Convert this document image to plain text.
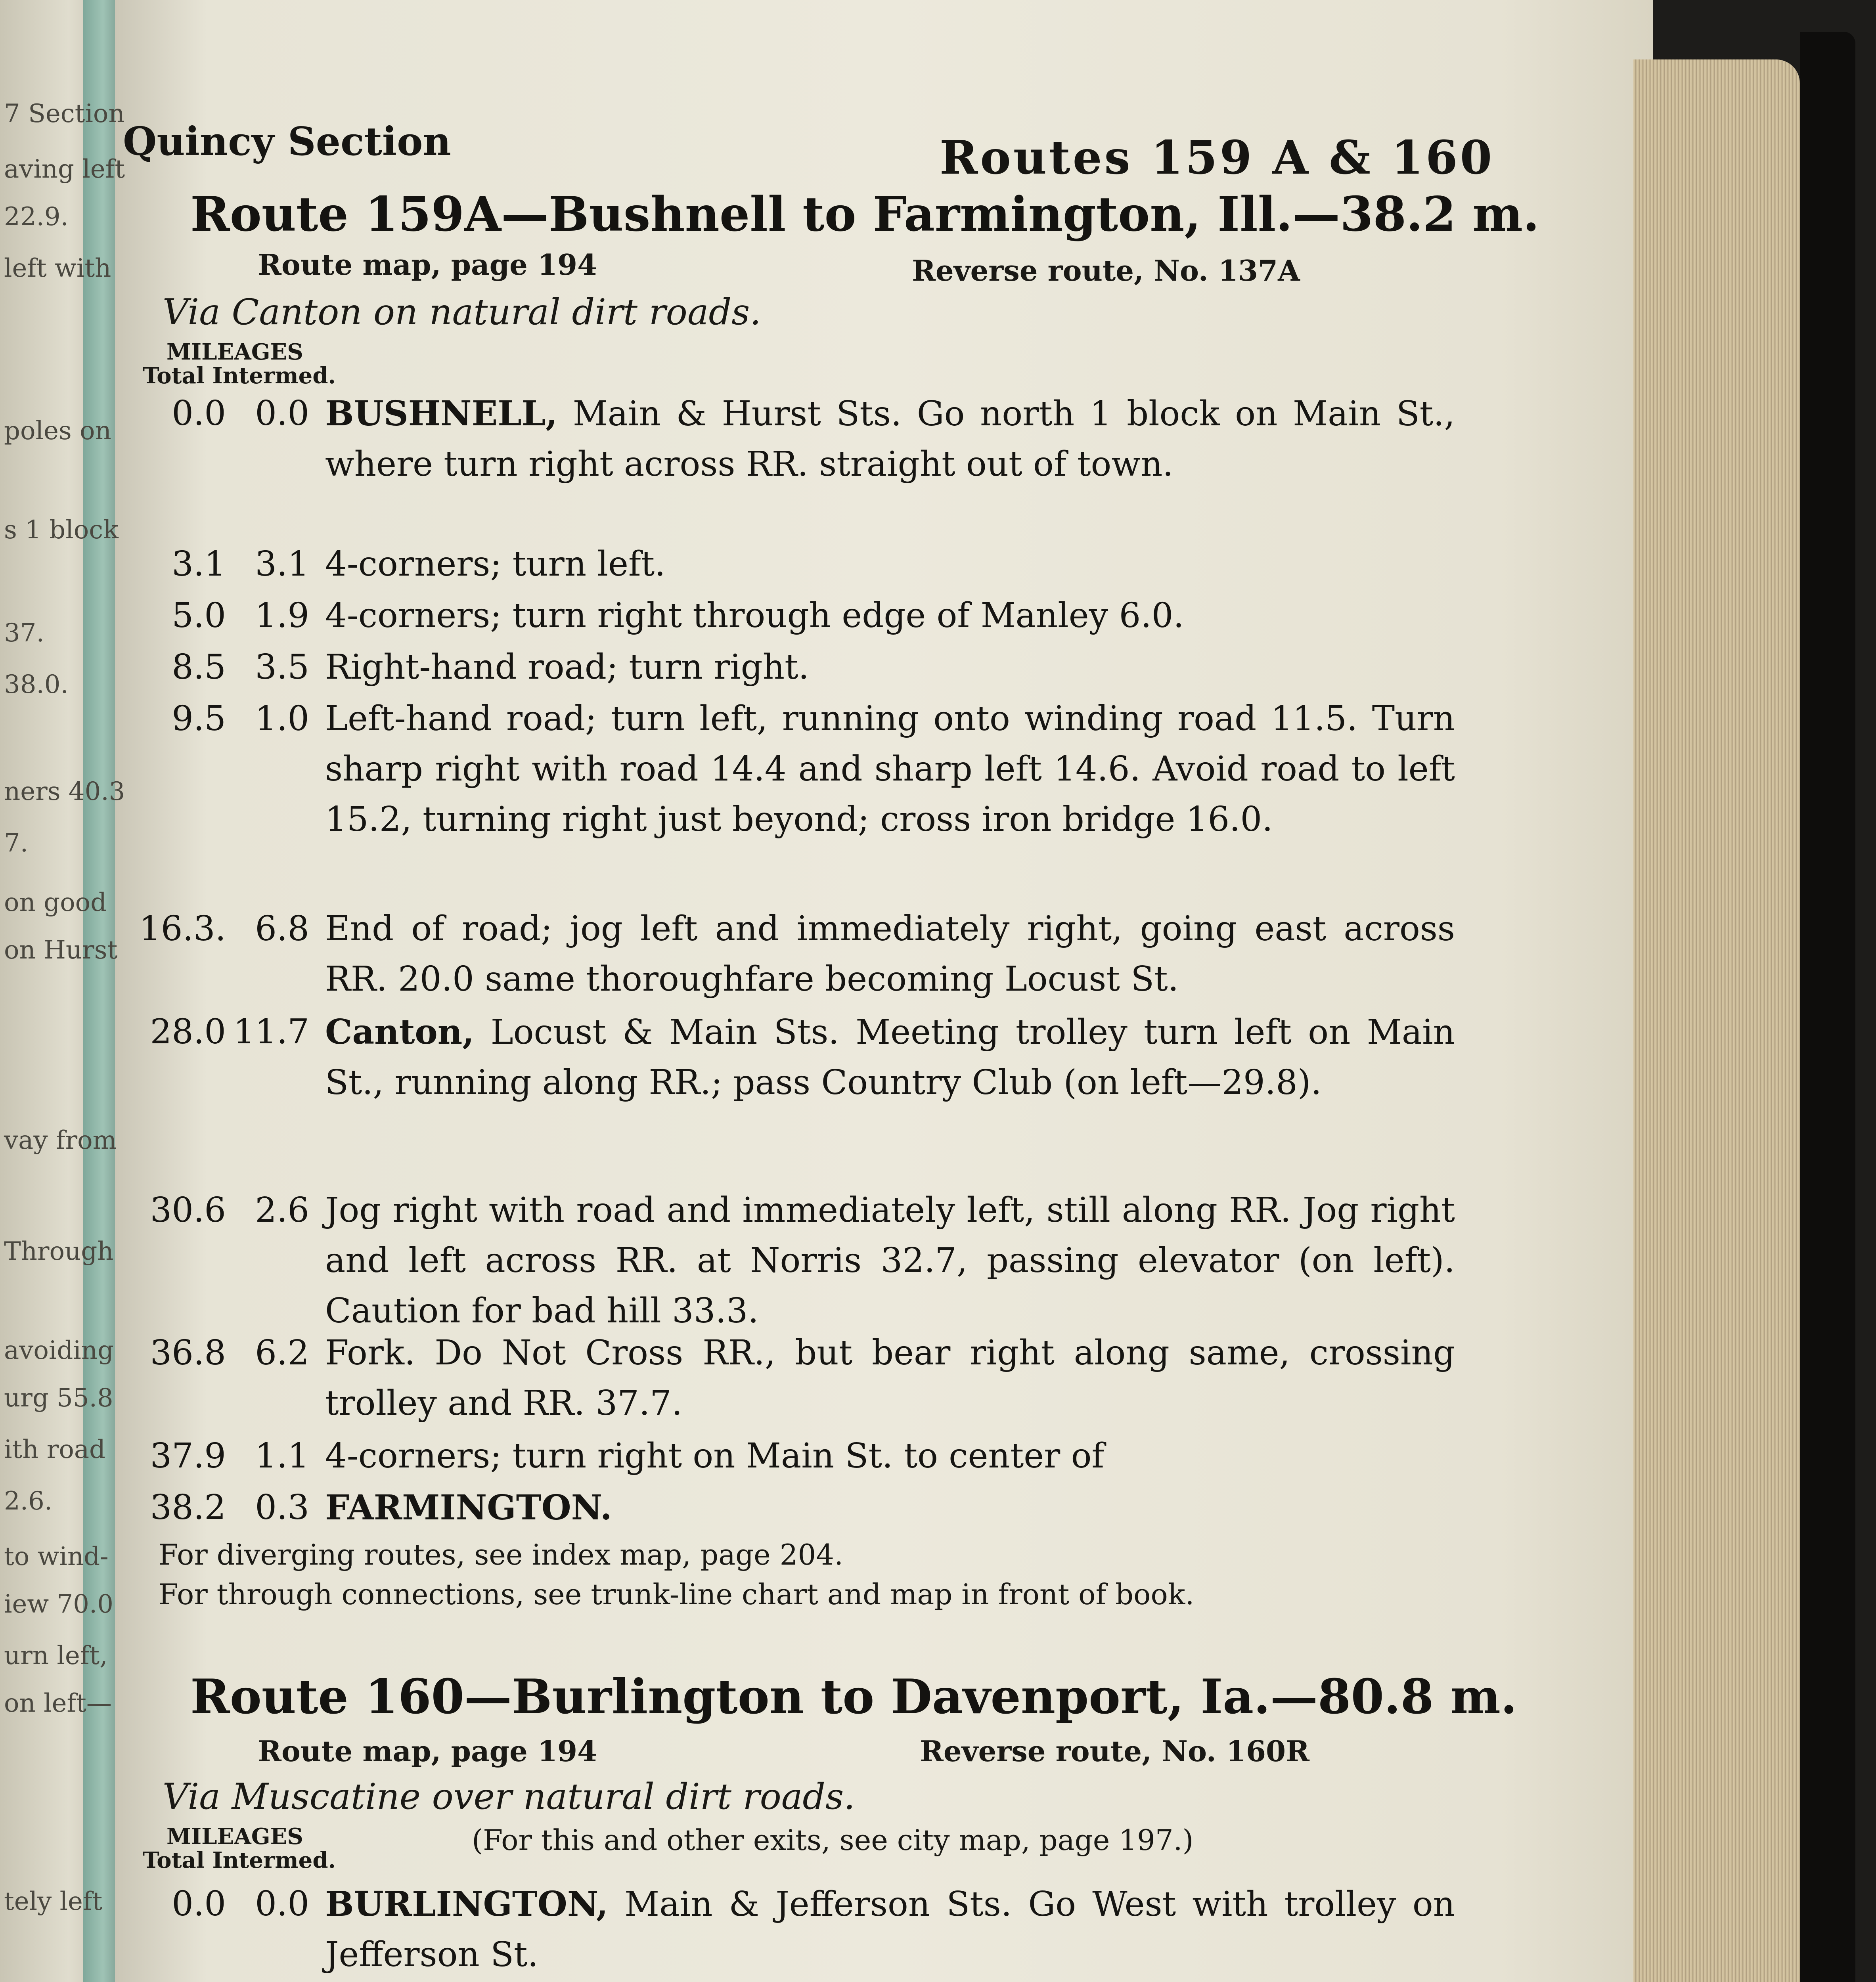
7 Section
aving left
22.9.
left with
poles on
s 1 block
37.
38.0.
ners 40.3
7.
on good
on Hurst
vay from
Through
avoiding
urg 55.8
ith road
2.6.
to wind-
iew 70.0
urn left,
on left—
tely left
Quincy Section	Routes 159 A & 160
Route 159A—Bushnell to Farmington, Ill.—38.2 m.
Route map, page 194	Reverse route, No. 137A
Via Canton on natural dirt roads.
MILEAGES
Total Intermed.
0.0 0.0 BUSHNELL, Main & Hurst Sts. Go north 1 block on Main St., where turn right across RR. straight out of town.
3.1 3.1 4-corners; turn left.
5.0 1.9 4-corners; turn right through edge of Manley 6.0.
8.5 3.5 Right-hand road; turn right.
9.5 1.0 Left-hand road; turn left, running onto winding road 11.5. Turn sharp right with road 14.4 and sharp left 14.6. Avoid road to left 15.2, turning right just beyond; cross iron bridge 16.0.
16.3. 6.8 End of road; jog left and immediately right, going east across RR. 20.0 same thoroughfare becoming Locust St.
28.0 11.7 Canton, Locust & Main Sts. Meeting trolley turn left on Main St., running along RR.; pass Country Club (on left—29.8).
30.6 2.6 Jog right with road and immediately left, still along RR. Jog right and left across RR. at Norris 32.7, passing elevator (on left). Caution for bad hill 33.3.
36.8 6.2 Fork. Do Not Cross RR., but bear right along same, crossing trolley and RR. 37.7.
37.9 1.1 4-corners; turn right on Main St. to center of
38.2 0.3 FARMINGTON.
For diverging routes, see index map, page 204.
For through connections, see trunk-line chart and map in front of book.
Route 160—Burlington to Davenport, Ia.—80.8 m.
Route map, page 194	Reverse route, No. 160R
Via Muscatine over natural dirt roads.
MILEAGES	(For this and other exits, see city map, page 197.)
Total Intermed.
0.0 0.0 BURLINGTON, Main & Jefferson Sts. Go West with trolley on Jefferson St.
